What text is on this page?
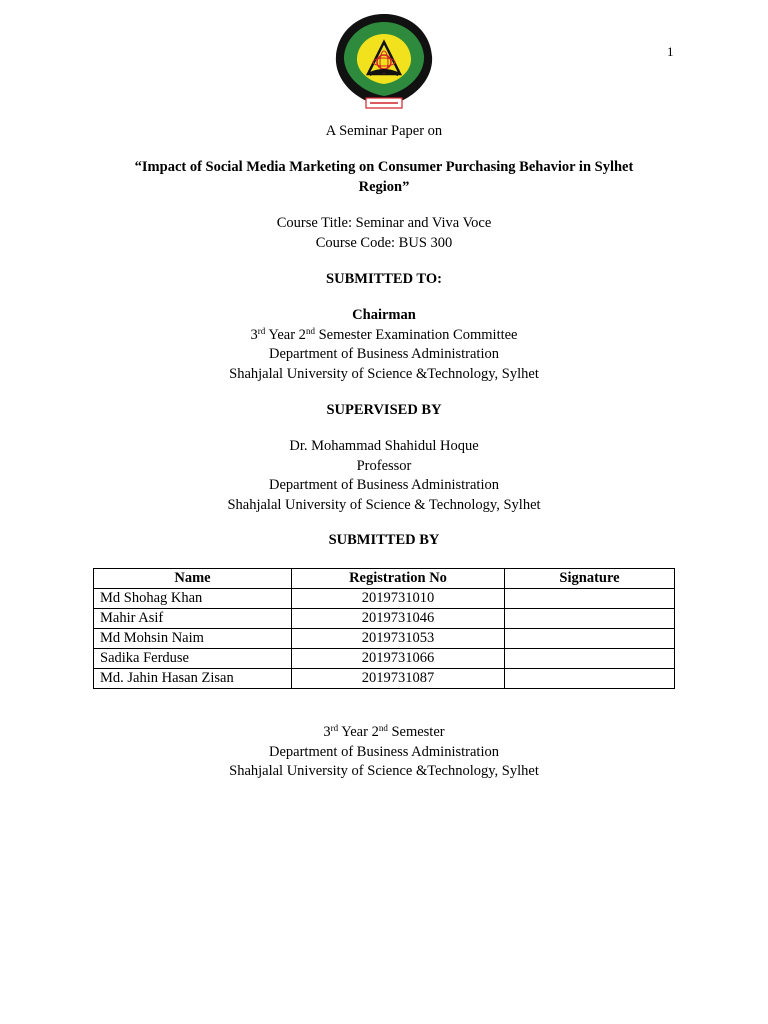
1
A Seminar Paper on
“Impact of Social Media Marketing on Consumer Purchasing Behavior in Sylhet
Region”
Course Title: Seminar and Viva Voce
Course Code: BUS 300
SUBMITTED TO:
Chairman
3rd Year 2nd Semester Examination Committee
Department of Business Administration
Shahjalal University of Science &Technology, Sylhet
SUPERVISED BY
Dr. Mohammad Shahidul Hoque
Professor
Department of Business Administration
Shahjalal University of Science & Technology, Sylhet
SUBMITTED BY
Name	Registration No	Signature
Md Shohag Khan	2019731010	
Mahir Asif	2019731046	
Md Mohsin Naim	2019731053	
Sadika Ferduse	2019731066	
Md. Jahin Hasan Zisan	2019731087	
3rd Year 2nd Semester
Department of Business Administration
Shahjalal University of Science &Technology, Sylhet
